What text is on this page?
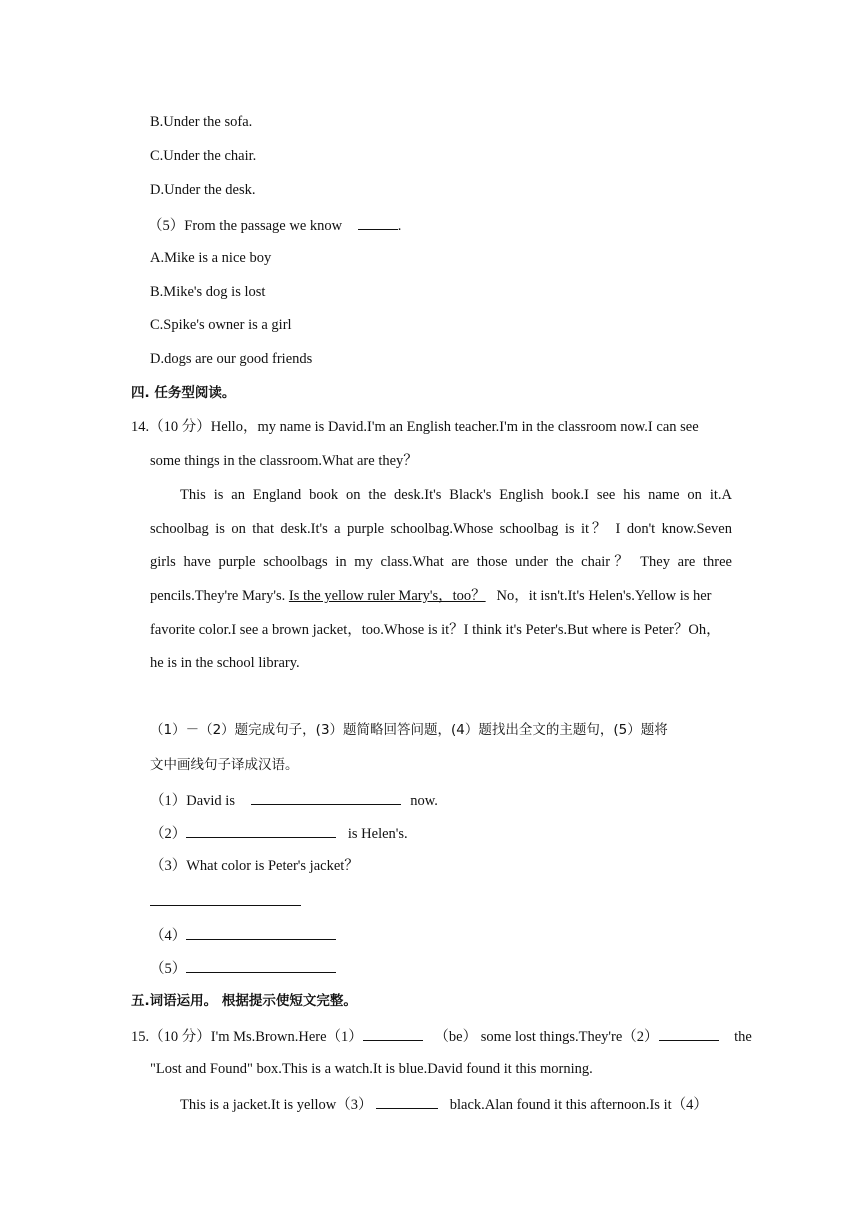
B.Under the sofa.
C.Under the chair.
D.Under the desk.
（5）From the passage we know	.
A.Mike is a nice boy
B.Mike's dog is lost
C.Spike's owner is a girl
D.dogs are our good friends
四. 任务型阅读。
14.（10 分）Hello，my name is David.I'm an English teacher.I'm in the classroom now.I can see
some things in the classroom.What are they？
This is an England book on the desk.It's Black's English book.I see his name on it.A
schoolbag is on that desk.It's a purple schoolbag.Whose schoolbag is it？ I don't know.Seven
girls have purple schoolbags in my class.What are those under the chair？ They are three
pencils.They're Mary's. Is the yellow ruler Mary's，too？ No，it isn't.It's Helen's.Yellow is her
favorite color.I see a brown jacket，too.Whose is it？I think it's Peter's.But where is Peter？Oh，
he is in the school library.
（1）－（2）题完成句子，(3）题简略回答问题，(4）题找出全文的主题句，(5）题将
文中画线句子译成汉语。
（1）David is	now.
（2）	is Helen's.
（3）What color is Peter's jacket？
（4）
（5）
五.词语运用。 根据提示使短文完整。
15.（10 分）I'm Ms.Brown.Here（1）	（be） some lost things.They're（2）	the
"Lost and Found" box.This is a watch.It is blue.David found it this morning.
This is a jacket.It is yellow（3）	black.Alan found it this afternoon.Is it（4）
